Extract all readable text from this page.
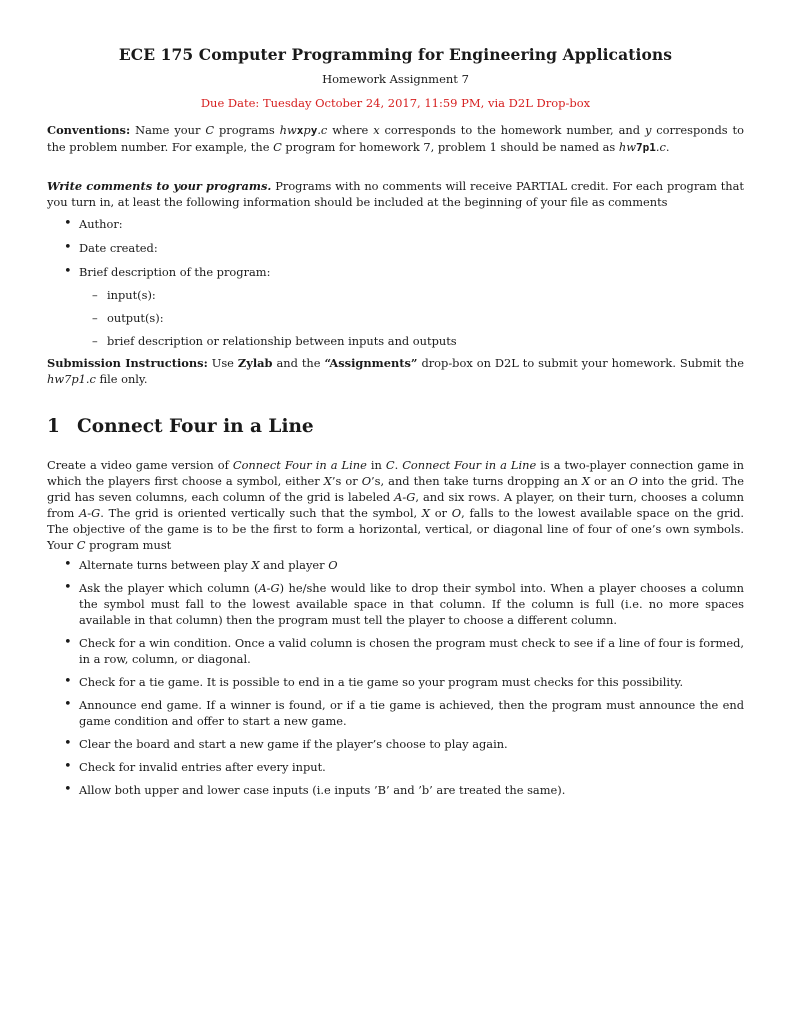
ECE 175 Computer Programming for Engineering Applications
Homework Assignment 7
Due Date: Tuesday October 24, 2017, 11:59 PM, via D2L Drop-box
Conventions: Name your C programs hwxpy.c where x corresponds to the homework number, and y corresponds to the problem number. For example, the C program for homework 7, problem 1 should be named as hw7p1.c.
Write comments to your programs. Programs with no comments will receive PARTIAL credit. For each program that you turn in, at least the following information should be included at the beginning of your file as comments
• Author:
• Date created:
• Brief description of the program:
– input(s):
– output(s):
– brief description or relationship between inputs and outputs
Submission Instructions: Use Zylab and the “Assignments” drop-box on D2L to submit your homework. Submit the hw7p1.c file only.
1 Connect Four in a Line
Create a video game version of Connect Four in a Line in C. Connect Four in a Line is a two-player connection game in which the players first choose a symbol, either X’s or O’s, and then take turns dropping an X or an O into the grid. The grid has seven columns, each column of the grid is labeled A-G, and six rows. A player, on their turn, chooses a column from A-G. The grid is oriented vertically such that the symbol, X or O, falls to the lowest available space on the grid. The objective of the game is to be the first to form a horizontal, vertical, or diagonal line of four of one’s own symbols. Your C program must
• Alternate turns between play X and player O
• Ask the player which column (A-G) he/she would like to drop their symbol into. When a player chooses a column the symbol must fall to the lowest available space in that column. If the column is full (i.e. no more spaces available in that column) then the program must tell the player to choose a different column.
• Check for a win condition. Once a valid column is chosen the program must check to see if a line of four is formed, in a row, column, or diagonal.
• Check for a tie game. It is possible to end in a tie game so your program must checks for this possibility.
• Announce end game. If a winner is found, or if a tie game is achieved, then the program must announce the end game condition and offer to start a new game.
• Clear the board and start a new game if the player’s choose to play again.
• Check for invalid entries after every input.
• Allow both upper and lower case inputs (i.e inputs ’B’ and ’b’ are treated the same).
